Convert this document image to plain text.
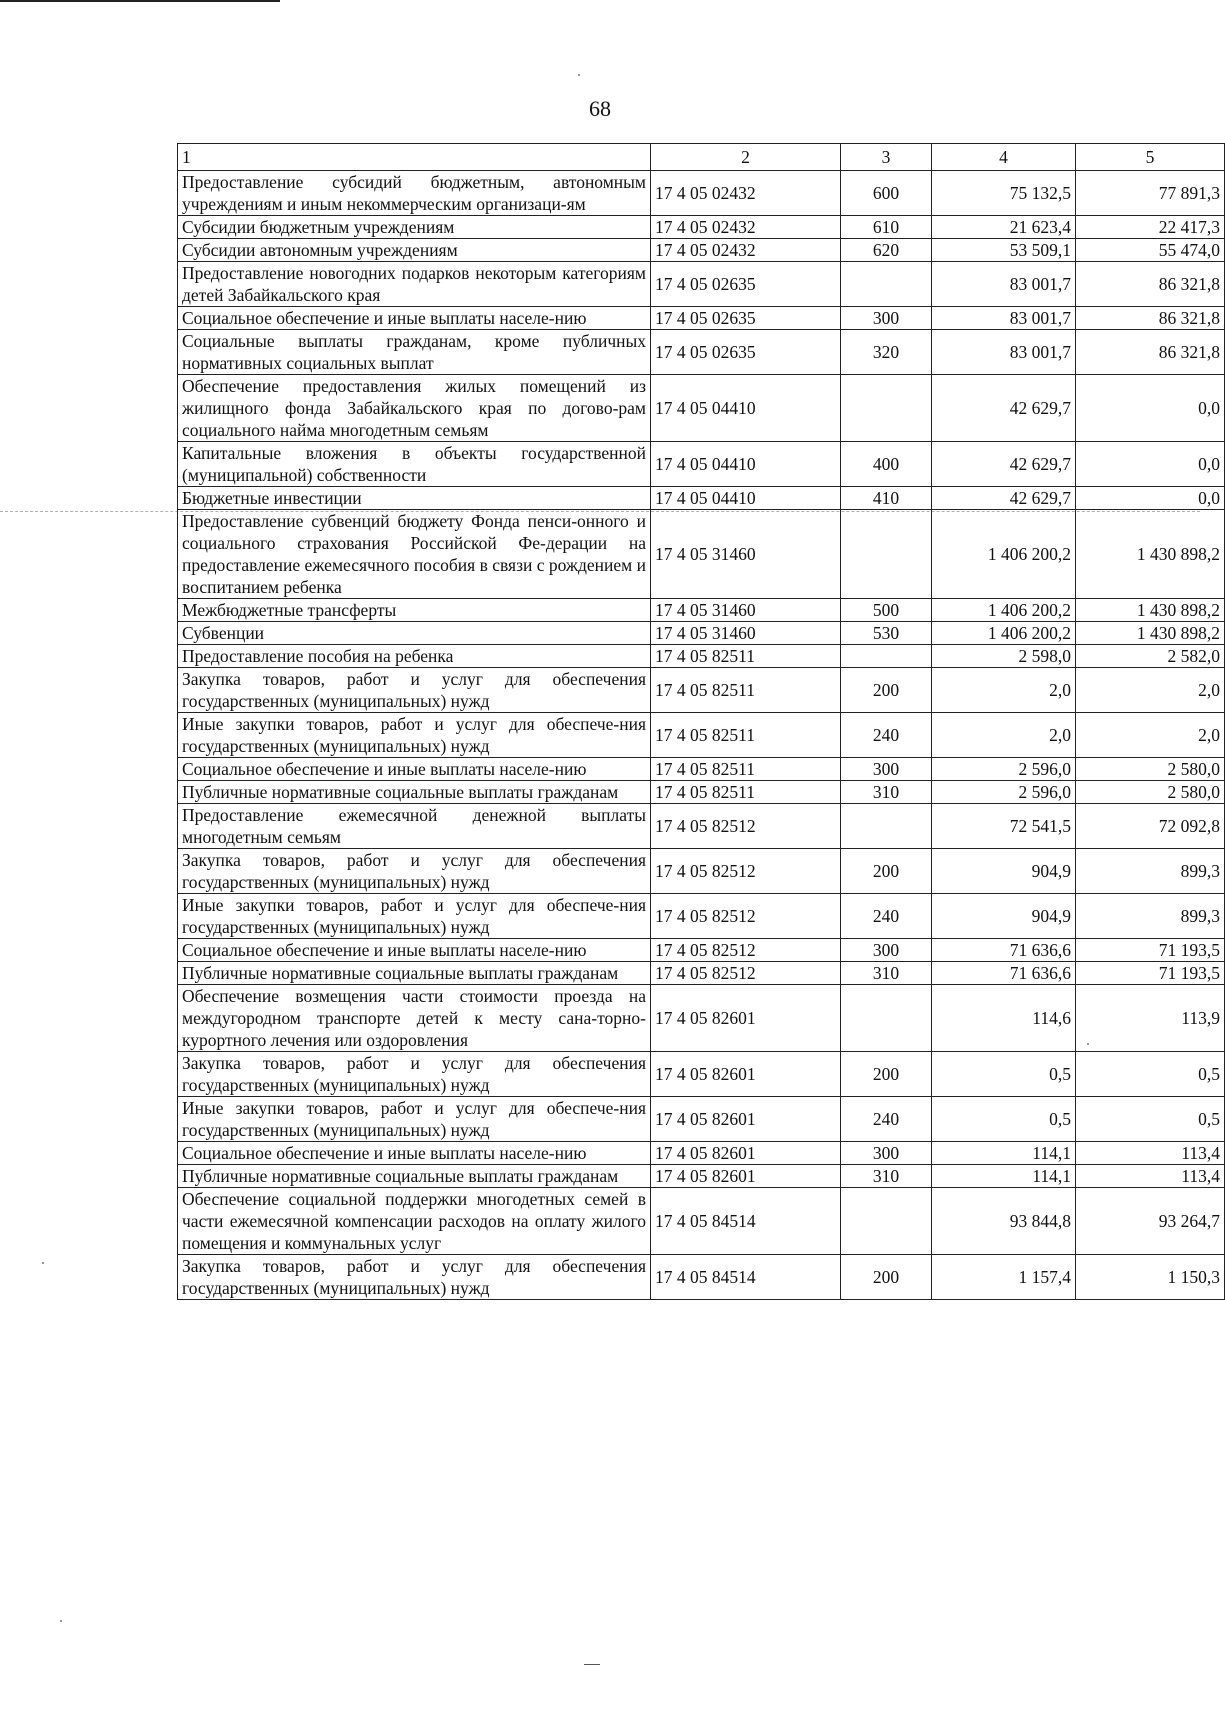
68
1	2	3	4	5
Предоставление субсидий бюджетным, автономным учреждениям и иным некоммерческим организаци-ям	17 4 05 02432	600	75 132,5	77 891,3
Субсидии бюджетным учреждениям	17 4 05 02432	610	21 623,4	22 417,3
Субсидии автономным учреждениям	17 4 05 02432	620	53 509,1	55 474,0
Предоставление новогодних подарков некоторым категориям детей Забайкальского края	17 4 05 02635		83 001,7	86 321,8
Социальное обеспечение и иные выплаты населе-нию	17 4 05 02635	300	83 001,7	86 321,8
Социальные выплаты гражданам, кроме публичных нормативных социальных выплат	17 4 05 02635	320	83 001,7	86 321,8
Обеспечение предоставления жилых помещений из жилищного фонда Забайкальского края по догово-рам социального найма многодетным семьям	17 4 05 04410		42 629,7	0,0
Капитальные вложения в объекты государственной (муниципальной) собственности	17 4 05 04410	400	42 629,7	0,0
Бюджетные инвестиции	17 4 05 04410	410	42 629,7	0,0
Предоставление субвенций бюджету Фонда пенси-онного и социального страхования Российской Фе-дерации на предоставление ежемесячного пособия в связи с рождением и воспитанием ребенка	17 4 05 31460		1 406 200,2	1 430 898,2
Межбюджетные трансферты	17 4 05 31460	500	1 406 200,2	1 430 898,2
Субвенции	17 4 05 31460	530	1 406 200,2	1 430 898,2
Предоставление пособия на ребенка	17 4 05 82511		2 598,0	2 582,0
Закупка товаров, работ и услуг для обеспечения государственных (муниципальных) нужд	17 4 05 82511	200	2,0	2,0
Иные закупки товаров, работ и услуг для обеспече-ния государственных (муниципальных) нужд	17 4 05 82511	240	2,0	2,0
Социальное обеспечение и иные выплаты населе-нию	17 4 05 82511	300	2 596,0	2 580,0
Публичные нормативные социальные выплаты гражданам	17 4 05 82511	310	2 596,0	2 580,0
Предоставление ежемесячной денежной выплаты многодетным семьям	17 4 05 82512		72 541,5	72 092,8
Закупка товаров, работ и услуг для обеспечения государственных (муниципальных) нужд	17 4 05 82512	200	904,9	899,3
Иные закупки товаров, работ и услуг для обеспече-ния государственных (муниципальных) нужд	17 4 05 82512	240	904,9	899,3
Социальное обеспечение и иные выплаты населе-нию	17 4 05 82512	300	71 636,6	71 193,5
Публичные нормативные социальные выплаты гражданам	17 4 05 82512	310	71 636,6	71 193,5
Обеспечение возмещения части стоимости проезда на междугородном транспорте детей к месту сана-торно-курортного лечения или оздоровления	17 4 05 82601		114,6	113,9
Закупка товаров, работ и услуг для обеспечения государственных (муниципальных) нужд	17 4 05 82601	200	0,5	0,5
Иные закупки товаров, работ и услуг для обеспече-ния государственных (муниципальных) нужд	17 4 05 82601	240	0,5	0,5
Социальное обеспечение и иные выплаты населе-нию	17 4 05 82601	300	114,1	113,4
Публичные нормативные социальные выплаты гражданам	17 4 05 82601	310	114,1	113,4
Обеспечение социальной поддержки многодетных семей в части ежемесячной компенсации расходов на оплату жилого помещения и коммунальных услуг	17 4 05 84514		93 844,8	93 264,7
Закупка товаров, работ и услуг для обеспечения государственных (муниципальных) нужд	17 4 05 84514	200	1 157,4	1 150,3
